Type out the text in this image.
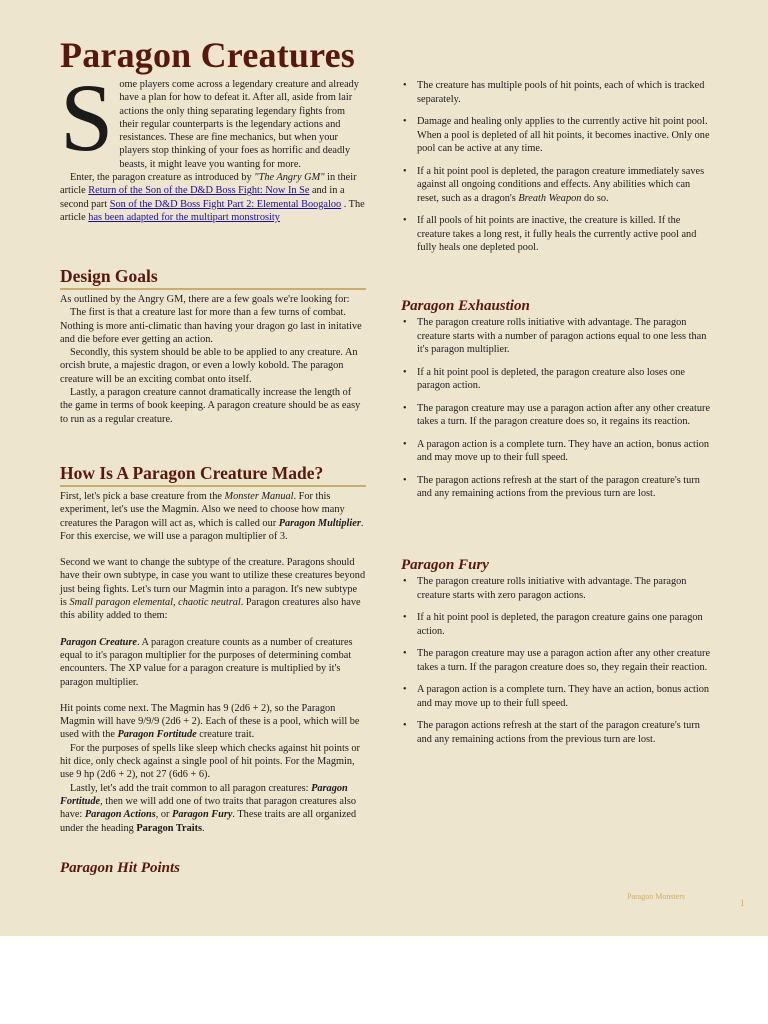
Paragon Creatures
S ome players come across a legendary creature and already have a plan for how to defeat it. After all, aside from lair actions the only thing separating legendary fights from their regular counterparts is the legendary actions and resistances. These are fine mechanics, but when your players stop thinking of your foes as horrific and deadly beasts, it might leave you wanting for more.

Enter, the paragon creature as introduced by "The Angry GM" in their article Return of the Son of the D&D Boss Fight: Now In Se and in a second part Son of the D&D Boss Fight Part 2: Elemental Boogaloo . The article has been adapted for the multipart monstrosity

Design Goals

As outlined by the Angry GM, there are a few goals we're looking for:

The first is that a creature last for more than a few turns of combat. Nothing is more anti-climatic than having your dragon go last in initative and die before ever getting an action.

Secondly, this system should be able to be applied to any creature. An orcish brute, a majestic dragon, or even a lowly kobold. The paragon creature will be an exciting combat onto itself.

Lastly, a paragon creature cannot dramatically increase the length of the game in terms of book keeping. A paragon creature should be as easy to run as a regular creature.

How Is A Paragon Creature Made?

First, let's pick a base creature from the Monster Manual. For this experiment, let's use the Magmin. Also we need to choose how many creatures the Paragon will act as, which is called our Paragon Multiplier. For this exercise, we will use a paragon multiplier of 3.

Second we want to change the subtype of the creature. Paragons should have their own subtype, in case you want to utilize these creatures beyond just being fights. Let's turn our Magmin into a paragon. It's new subtype is Small paragon elemental, chaotic neutral. Paragon creatures also have this ability added to them:

Paragon Creature. A paragon creature counts as a number of creatures equal to it's paragon multiplier for the purposes of determining combat encounters. The XP value for a paragon creature is multiplied by it's paragon multiplier.

Hit points come next. The Magmin has 9 (2d6 + 2), so the Paragon Magmin will have 9/9/9 (2d6 + 2). Each of these is a pool, which will be used with the Paragon Fortitude creature trait.

For the purposes of spells like sleep which checks against hit points or hit dice, only check against a single pool of hit points. For the Magmin, use 9 hp (2d6 + 2), not 27 (6d6 + 6).

Lastly, let's add the trait common to all paragon creatures: Paragon Fortitude, then we will add one of two traits that paragon creatures also have: Paragon Actions, or Paragon Fury. These traits are all organized under the heading Paragon Traits.

Paragon Hit Points
• The creature has multiple pools of hit points, each of which is tracked separately.
• Damage and healing only applies to the currently active hit point pool. When a pool is depleted of all hit points, it becomes inactive. Only one pool can be active at any time.
• If a hit point pool is depleted, the paragon creature immediately saves against all ongoing conditions and effects. Any abilities which can reset, such as a dragon's Breath Weapon do so.
• If all pools of hit points are inactive, the creature is killed. If the creature takes a long rest, it fully heals the currently active pool and fully heals one depleted pool.
Paragon Exhaustion
• The paragon creature rolls initiative with advantage. The paragon creature starts with a number of paragon actions equal to one less than it's paragon multiplier.
• If a hit point pool is depleted, the paragon creature also loses one paragon action.
• The paragon creature may use a paragon action after any other creature takes a turn. If the paragon creature does so, it regains its reaction.
• A paragon action is a complete turn. They have an action, bonus action and may move up to their full speed.
• The paragon actions refresh at the start of the paragon creature's turn and any remaining actions from the previous turn are lost.
Paragon Fury
• The paragon creature rolls initiative with advantage. The paragon creature starts with zero paragon actions.
• If a hit point pool is depleted, the paragon creature gains one paragon action.
• The paragon creature may use a paragon action after any other creature takes a turn. If the paragon creature does so, they regain their reaction.
• A paragon action is a complete turn. They have an action, bonus action and may move up to their full speed.
• The paragon actions refresh at the start of the paragon creature's turn and any remaining actions from the previous turn are lost.
Paragon Monsters
1
